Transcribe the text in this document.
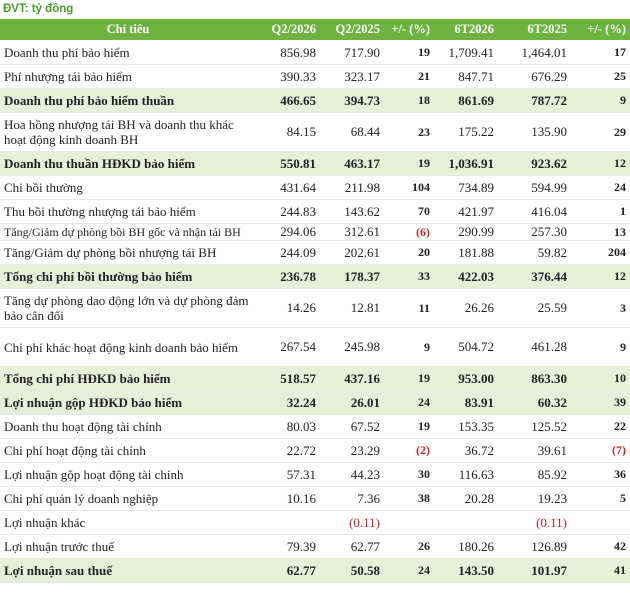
ĐVT: tỷ đồng
Chỉ tiêu	Q2/2026	Q2/2025	+/- (%)	6T2026	6T2025	+/- (%)
Doanh thu phí bảo hiểm	856.98	717.90	19	1,709.41	1,464.01	17
Phí nhượng tái bảo hiểm	390.33	323.17	21	847.71	676.29	25
Doanh thu phí bảo hiểm thuần	466.65	394.73	18	861.69	787.72	9
Hoa hồng nhượng tái BH và doanh thu khác hoạt động kinh doanh BH	84.15	68.44	23	175.22	135.90	29
Doanh thu thuần HĐKD bảo hiểm	550.81	463.17	19	1,036.91	923.62	12
Chi bồi thường	431.64	211.98	104	734.89	594.99	24
Thu bồi thường nhượng tái bảo hiểm	244.83	143.62	70	421.97	416.04	1
Tăng/Giảm dự phòng bồi BH gốc và nhận tái BH	294.06	312.61	(6)	290.99	257.30	13
Tăng/Giảm dự phòng bồi nhượng tái BH	244.09	202.61	20	181.88	59.82	204
Tổng chi phí bồi thường bảo hiểm	236.78	178.37	33	422.03	376.44	12
Tăng dự phòng dao động lớn và dự phòng đảm bảo cân đối	14.26	12.81	11	26.26	25.59	3
Chi phí khác hoạt động kinh doanh bảo hiểm	267.54	245.98	9	504.72	461.28	9
Tổng chi phí HĐKD bảo hiểm	518.57	437.16	19	953.00	863.30	10
Lợi nhuận gộp HĐKD bảo hiểm	32.24	26.01	24	83.91	60.32	39
Doanh thu hoạt động tài chính	80.03	67.52	19	153.35	125.52	22
Chi phí hoạt động tài chính	22.72	23.29	(2)	36.72	39.61	(7)
Lợi nhuận gộp hoạt động tài chính	57.31	44.23	30	116.63	85.92	36
Chi phí quản lý doanh nghiệp	10.16	7.36	38	20.28	19.23	5
Lợi nhuận khác		(0.11)			(0.11)	
Lợi nhuận trước thuế	79.39	62.77	26	180.26	126.89	42
Lợi nhuận sau thuế	62.77	50.58	24	143.50	101.97	41
